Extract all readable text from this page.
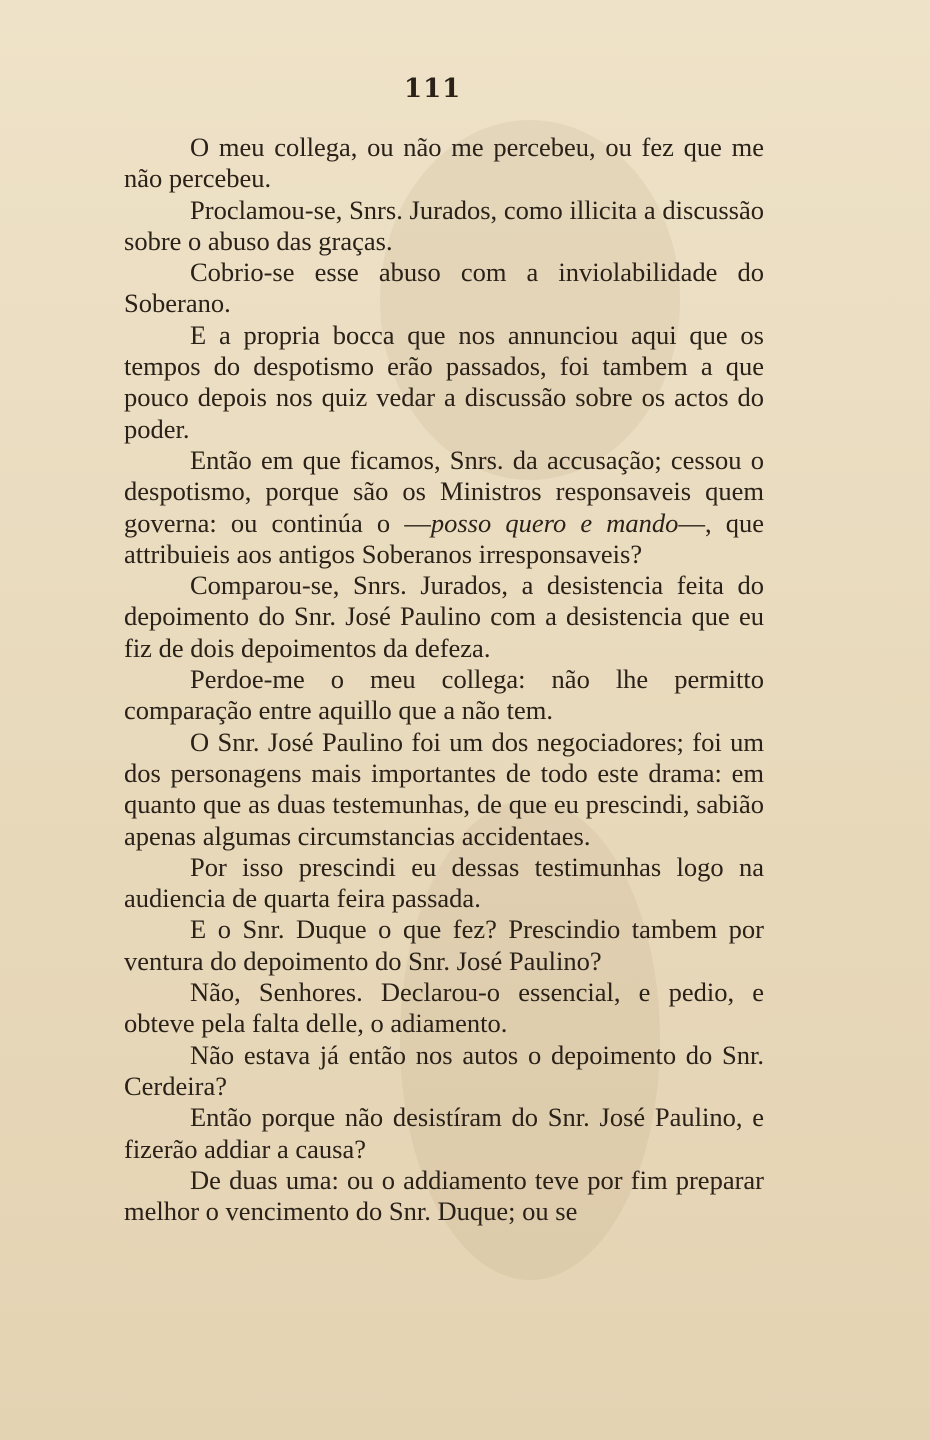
111

O meu collega, ou não me percebeu, ou fez que me não percebeu.

Proclamou-se, Snrs. Jurados, como illicita a discussão sobre o abuso das graças.

Cobrio-se esse abuso com a inviolabilidade do Soberano.

E a propria bocca que nos annunciou aqui que os tempos do despotismo erão passados, foi tambem a que pouco depois nos quiz vedar a discussão sobre os actos do poder.

Então em que ficamos, Snrs. da accusação; cessou o despotismo, porque são os Ministros responsaveis quem governa: ou continúa o —posso quero e mando—, que attribuieis aos antigos Soberanos irresponsaveis?

Comparou-se, Snrs. Jurados, a desistencia feita do depoimento do Snr. José Paulino com a desistencia que eu fiz de dois depoimentos da defeza.

Perdoe-me o meu collega: não lhe permitto comparação entre aquillo que a não tem.

O Snr. José Paulino foi um dos negociadores; foi um dos personagens mais importantes de todo este drama: em quanto que as duas testemunhas, de que eu prescindi, sabião apenas algumas circumstancias accidentaes.

Por isso prescindi eu dessas testimunhas logo na audiencia de quarta feira passada.

E o Snr. Duque o que fez? Prescindio tambem por ventura do depoimento do Snr. José Paulino?

Não, Senhores. Declarou-o essencial, e pedio, e obteve pela falta delle, o adiamento.

Não estava já então nos autos o depoimento do Snr. Cerdeira?

Então porque não desistíram do Snr. José Paulino, e fizerão addiar a causa?

De duas uma: ou o addiamento teve por fim preparar melhor o vencimento do Snr. Duque; ou se
